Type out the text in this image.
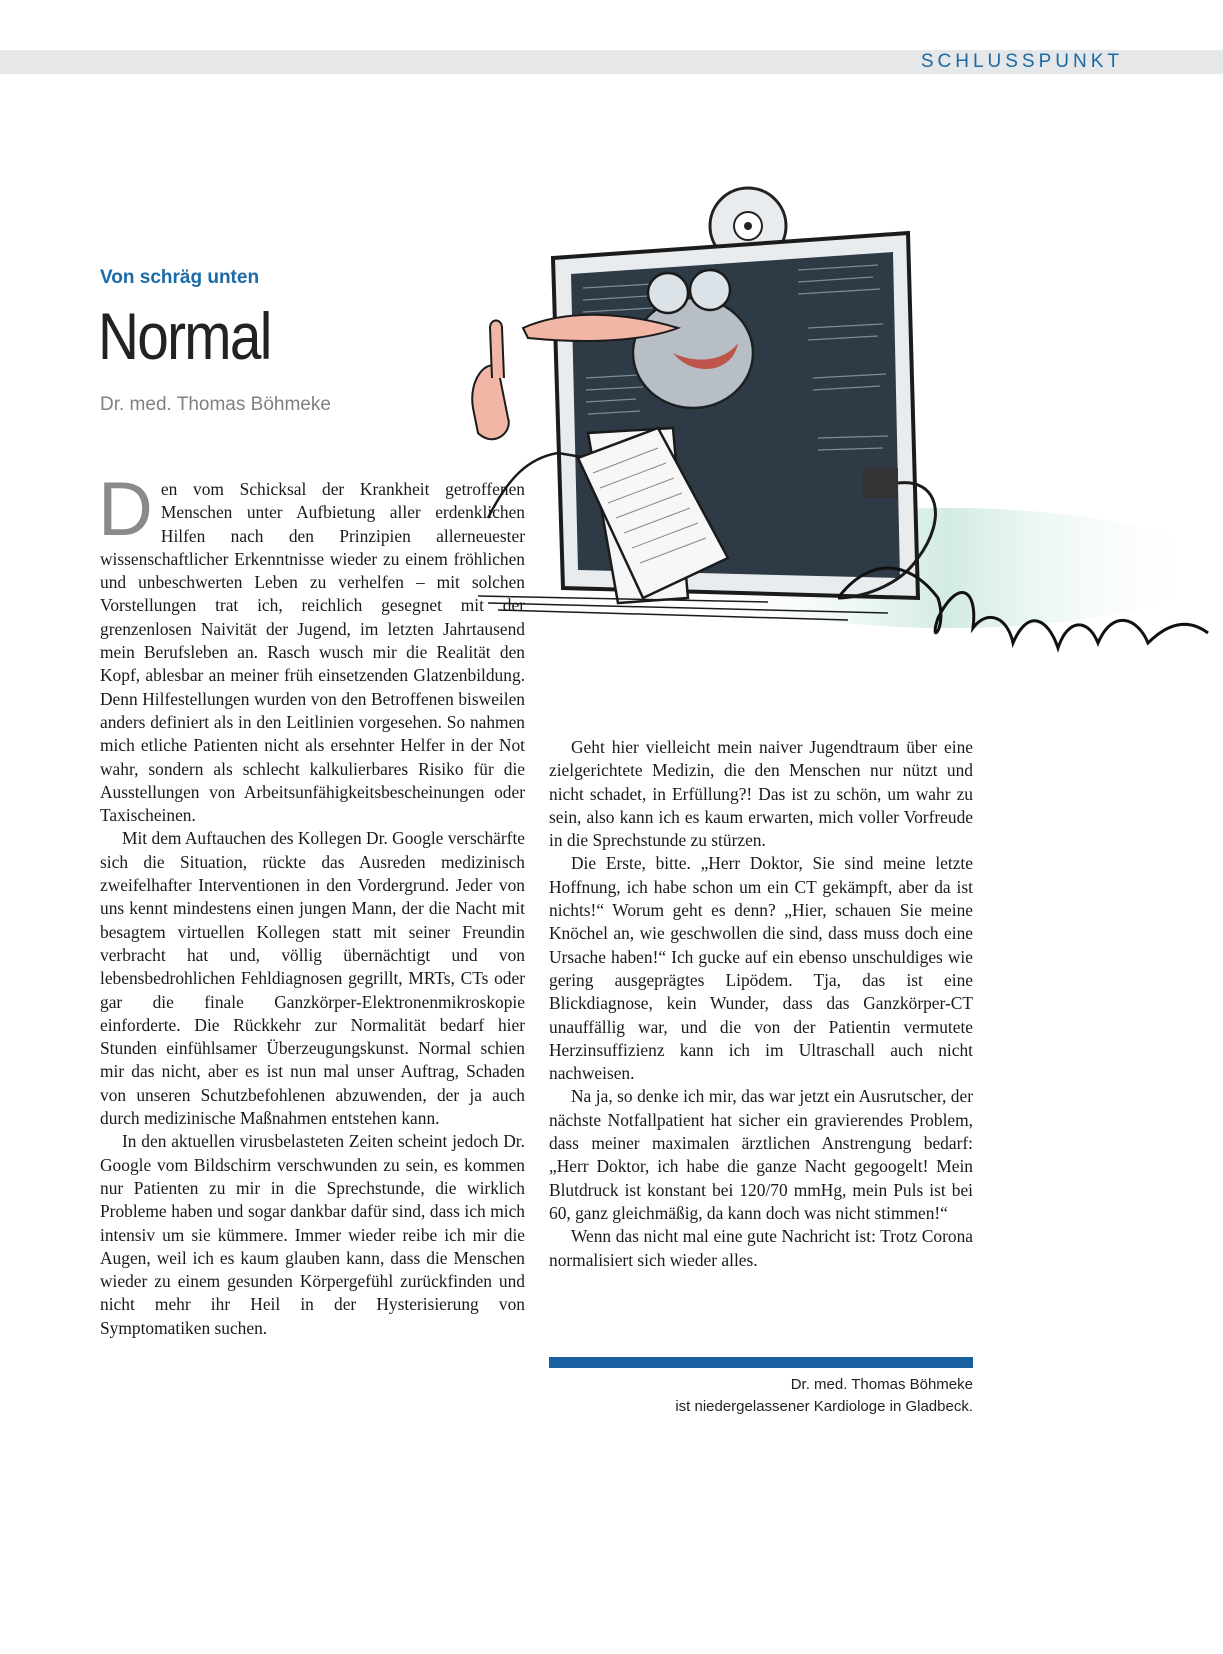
SCHLUSSPUNKT
Von schräg unten
Normal
Dr. med. Thomas Böhmeke

Den vom Schicksal der Krankheit getroffenen Menschen unter Aufbietung aller erdenklichen Hilfen nach den Prinzipien allerneuester wissenschaftlicher Erkenntnisse wieder zu einem fröhlichen und unbeschwerten Leben zu verhelfen – mit solchen Vorstellungen trat ich, reichlich gesegnet mit der grenzenlosen Naivität der Jugend, im letzten Jahrtausend mein Berufsleben an. Rasch wusch mir die Realität den Kopf, ablesbar an meiner früh einsetzenden Glatzenbildung. Denn Hilfestellungen wurden von den Betroffenen bisweilen anders definiert als in den Leitlinien vorgesehen. So nahmen mich etliche Patienten nicht als ersehnter Helfer in der Not wahr, sondern als schlecht kalkulierbares Risiko für die Ausstellungen von Arbeitsunfähigkeitsbescheinungen oder Taxischeinen.

Mit dem Auftauchen des Kollegen Dr. Google verschärfte sich die Situation, rückte das Ausreden medizinisch zweifelhafter Interventionen in den Vordergrund. Jeder von uns kennt mindestens einen jungen Mann, der die Nacht mit besagtem virtuellen Kollegen statt mit seiner Freundin verbracht hat und, völlig übernächtigt und von lebensbedrohlichen Fehldiagnosen gegrillt, MRTs, CTs oder gar die finale Ganzkörper-Elektronenmikroskopie einforderte. Die Rückkehr zur Normalität bedarf hier Stunden einfühlsamer Überzeugungskunst. Normal schien mir das nicht, aber es ist nun mal unser Auftrag, Schaden von unseren Schutzbefohlenen abzuwenden, der ja auch durch medizinische Maßnahmen entstehen kann.

In den aktuellen virusbelasteten Zeiten scheint jedoch Dr. Google vom Bildschirm verschwunden zu sein, es kommen nur Patienten zu mir in die Sprechstunde, die wirklich Probleme haben und sogar dankbar dafür sind, dass ich mich intensiv um sie kümmere. Immer wieder reibe ich mir die Augen, weil ich es kaum glauben kann, dass die Menschen wieder zu einem gesunden Körpergefühl zurückfinden und nicht mehr ihr Heil in der Hysterisierung von Symptomatiken suchen.

Geht hier vielleicht mein naiver Jugendtraum über eine zielgerichtete Medizin, die den Menschen nur nützt und nicht schadet, in Erfüllung?! Das ist zu schön, um wahr zu sein, also kann ich es kaum erwarten, mich voller Vorfreude in die Sprechstunde zu stürzen.

Die Erste, bitte. „Herr Doktor, Sie sind meine letzte Hoffnung, ich habe schon um ein CT gekämpft, aber da ist nichts!“ Worum geht es denn? „Hier, schauen Sie meine Knöchel an, wie geschwollen die sind, dass muss doch eine Ursache haben!“ Ich gucke auf ein ebenso unschuldiges wie gering ausgeprägtes Lipödem. Tja, das ist eine Blickdiagnose, kein Wunder, dass das Ganzkörper-CT unauffällig war, und die von der Patientin vermutete Herzinsuffizienz kann ich im Ultraschall auch nicht nachweisen.

Na ja, so denke ich mir, das war jetzt ein Ausrutscher, der nächste Notfallpatient hat sicher ein gravierendes Problem, dass meiner maximalen ärztlichen Anstrengung bedarf: „Herr Doktor, ich habe die ganze Nacht gegoogelt! Mein Blutdruck ist konstant bei 120/70 mmHg, mein Puls ist bei 60, ganz gleichmäßig, da kann doch was nicht stimmen!“

Wenn das nicht mal eine gute Nachricht ist: Trotz Corona normalisiert sich wieder alles.

Dr. med. Thomas Böhmeke
ist niedergelassener Kardiologe in Gladbeck.
